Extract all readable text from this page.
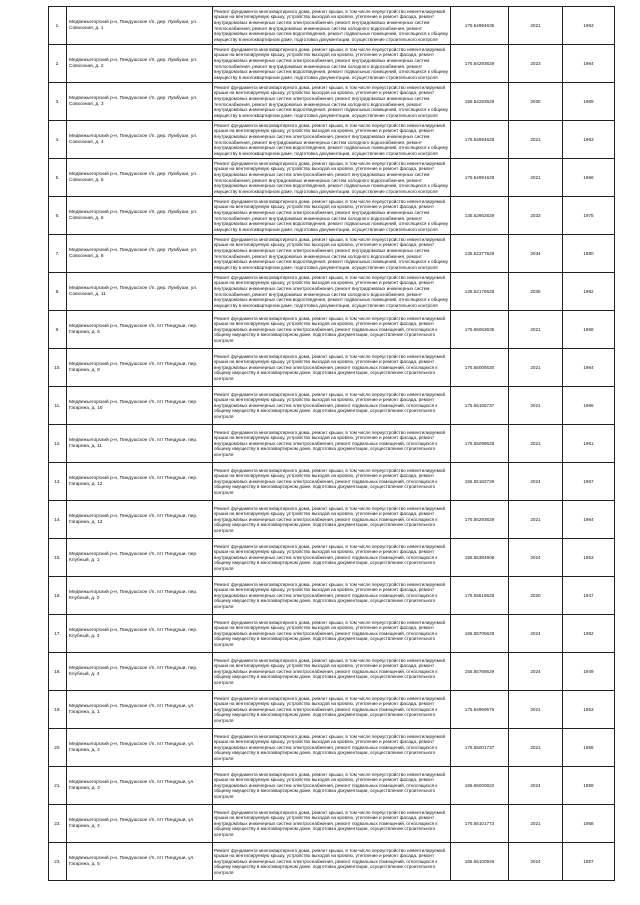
1.	Медвежьегорский р-н, Пиндушское г/п, дер. Лумбуши, ул. Совхозная, д. 1	Ремонт фундамента многоквартирного дома, ремонт крыши, в том числе переустройство невентилируемой крыши на вентилируемую крышу, устройство выходов на кровлю, утепление и ремонт фасада, ремонт внутридомовых инженерных систем электроснабжения, ремонт внутридомовых инженерных систем теплоснабжения, ремонт внутридомовых инженерных систем холодного водоснабжения, ремонт внутридомовых инженерных систем водоотведения, ремонт подвальных помещений, относящихся к общему имуществу в многоквартирном доме, подготовка документации, осуществление строительного контроля	175.54994635	2021	1963
2.	Медвежьегорский р-н, Пиндушское г/п, дер. Лумбуши, ул. Совхозная, д. 2	Ремонт фундамента многоквартирного дома, ремонт крыши, в том числе переустройство невентилируемой крыши на вентилируемую крышу, устройство выходов на кровлю, утепление и ремонт фасада, ремонт внутридомовых инженерных систем электроснабжения, ремонт внутридомовых инженерных систем теплоснабжения, ремонт внутридомовых инженерных систем холодного водоснабжения, ремонт внутридомовых инженерных систем водоотведения, ремонт подвальных помещений, относящихся к общему имуществу в многоквартирном доме, подготовка документации, осуществление строительного контроля	175.54293628	2023	1964
3.	Медвежьегорский р-н, Пиндушское г/п, дер. Лумбуши, ул. Совхозная, д. 3	Ремонт фундамента многоквартирного дома, ремонт крыши, в том числе переустройство невентилируемой крыши на вентилируемую крышу, устройство выходов на кровлю, утепление и ремонт фасада, ремонт внутридомовых инженерных систем электроснабжения, ремонт внутридомовых инженерных систем теплоснабжения, ремонт внутридомовых инженерных систем холодного водоснабжения, ремонт внутридомовых инженерных систем водоотведения, ремонт подвальных помещений, относящихся к общему имуществу в многоквартирном доме, подготовка документации, осуществление строительного контроля	155.54293628	2030	1969
4.	Медвежьегорский р-н, Пиндушское г/п, дер. Лумбуши, ул. Совхозная, д. 4	Ремонт фундамента многоквартирного дома, ремонт крыши, в том числе переустройство невентилируемой крыши на вентилируемую крышу, устройство выходов на кровлю, утепление и ремонт фасада, ремонт внутридомовых инженерных систем электроснабжения, ремонт внутридомовых инженерных систем теплоснабжения, ремонт внутридомовых инженерных систем холодного водоснабжения, ремонт внутридомовых инженерных систем водоотведения, ремонт подвальных помещений, относящихся к общему имуществу в многоквартирном доме, подготовка документации, осуществление строительного контроля	175.54994628	2021	1963
5.	Медвежьегорский р-н, Пиндушское г/п, дер. Лумбуши, ул. Совхозная, д. 5	Ремонт фундамента многоквартирного дома, ремонт крыши, в том числе переустройство невентилируемой крыши на вентилируемую крышу, устройство выходов на кровлю, утепление и ремонт фасада, ремонт внутридомовых инженерных систем электроснабжения, ремонт внутридомовых инженерных систем теплоснабжения, ремонт внутридомовых инженерных систем холодного водоснабжения, ремонт внутридомовых инженерных систем водоотведения, ремонт подвальных помещений, относящихся к общему имуществу в многоквартирном доме, подготовка документации, осуществление строительного контроля	175.54991628	2021	1966
6.	Медвежьегорский р-н, Пиндушское г/п, дер. Лумбуши, ул. Совхозная, д. 6	Ремонт фундамента многоквартирного дома, ремонт крыши, в том числе переустройство невентилируемой крыши на вентилируемую крышу, устройство выходов на кровлю, утепление и ремонт фасада, ремонт внутридомовых инженерных систем электроснабжения, ремонт внутридомовых инженерных систем теплоснабжения, ремонт внутридомовых инженерных систем холодного водоснабжения, ремонт внутридомовых инженерных систем водоотведения, ремонт подвальных помещений, относящихся к общему имуществу в многоквартирном доме, подготовка документации, осуществление строительного контроля	135.52662628	2033	1975
7.	Медвежьегорский р-н, Пиндушское г/п, дер. Лумбуши, ул. Совхозная, д. 8	Ремонт фундамента многоквартирного дома, ремонт крыши, в том числе переустройство невентилируемой крыши на вентилируемую крышу, устройство выходов на кровлю, утепление и ремонт фасада, ремонт внутридомовых инженерных систем электроснабжения, ремонт внутридомовых инженерных систем теплоснабжения, ремонт внутридомовых инженерных систем холодного водоснабжения, ремонт внутридомовых инженерных систем водоотведения, ремонт подвальных помещений, относящихся к общему имуществу в многоквартирном доме, подготовка документации, осуществление строительного контроля	135.52377628	2034	1980
8.	Медвежьегорский р-н, Пиндушское г/п, дер. Лумбуши, ул. Совхозная, д. 11	Ремонт фундамента многоквартирного дома, ремонт крыши, в том числе переустройство невентилируемой крыши на вентилируемую крышу, устройство выходов на кровлю, утепление и ремонт фасада, ремонт внутридомовых инженерных систем электроснабжения, ремонт внутридомовых инженерных систем теплоснабжения, ремонт внутридомовых инженерных систем холодного водоснабжения, ремонт внутридомовых инженерных систем водоотведения, ремонт подвальных помещений, относящихся к общему имуществу в многоквартирном доме, подготовка документации, осуществление строительного контроля	135.52175628	2035	1982
9.	Медвежьегорский р-н, Пиндушское г/п, пгт Пиндуши, пер. Гагарина, д. 6	Ремонт фундамента многоквартирного дома, ремонт крыши, в том числе переустройство невентилируемой крыши на вентилируемую крышу, устройство выходов на кровлю, утепление и ремонт фасада, ремонт внутридомовых инженерных систем электроснабжения, ремонт подвальных помещений, относящихся к общему имуществу в многоквартирном доме, подготовка документации, осуществление строительного контроля	175.55063635	2021	1968
10.	Медвежьегорский р-н, Пиндушское г/п, пгт Пиндуши, пер. Гагарина, д. 8	Ремонт фундамента многоквартирного дома, ремонт крыши, в том числе переустройство невентилируемой крыши на вентилируемую крышу, устройство выходов на кровлю, утепление и ремонт фасада, ремонт внутридомовых инженерных систем электроснабжения, ремонт подвальных помещений, относящихся к общему имуществу в многоквартирном доме, подготовка документации, осуществление строительного контроля	175.55005630	2021	1964
11.	Медвежьегорский р-н, Пиндушское г/п, пгт Пиндуши, пер. Гагарина, д. 10	Ремонт фундамента многоквартирного дома, ремонт крыши, в том числе переустройство невентилируемой крыши на вентилируемую крышу, устройство выходов на кровлю, утепление и ремонт фасада, ремонт внутридомовых инженерных систем электроснабжения, ремонт подвальных помещений, относящихся к общему имуществу в многоквартирном доме, подготовка документации, осуществление строительного контроля	175.55165737	2021	1966
12.	Медвежьегорский р-н, Пиндушское г/п, пгт Пиндуши, пер. Гагарина, д. 11	Ремонт фундамента многоквартирного дома, ремонт крыши, в том числе переустройство невентилируемой крыши на вентилируемую крышу, устройство выходов на кровлю, утепление и ремонт фасада, ремонт внутридомовых инженерных систем электроснабжения, ремонт подвальных помещений, относящихся к общему имуществу в многоквартирном доме, подготовка документации, осуществление строительного контроля	175.55098628	2021	1961
13.	Медвежьегорский р-н, Пиндушское г/п, пгт Пиндуши, пер. Гагарина, д. 12	Ремонт фундамента многоквартирного дома, ремонт крыши, в том числе переустройство невентилируемой крыши на вентилируемую крышу, устройство выходов на кровлю, утепление и ремонт фасада, ремонт внутридомовых инженерных систем электроснабжения, ремонт подвальных помещений, относящихся к общему имуществу в многоквартирном доме, подготовка документации, осуществление строительного контроля	155.55182726	2024	1967
14.	Медвежьегорский р-н, Пиндушское г/п, пгт Пиндуши, пер. Гагарина, д. 13	Ремонт фундамента многоквартирного дома, ремонт крыши, в том числе переустройство невентилируемой крыши на вентилируемую крышу, устройство выходов на кровлю, утепление и ремонт фасада, ремонт внутридомовых инженерных систем электроснабжения, ремонт подвальных помещений, относящихся к общему имуществу в многоквартирном доме, подготовка документации, осуществление строительного контроля	175.55293628	2021	1964
15.	Медвежьегорский р-н, Пиндушское г/п, пгт Пиндуши, пер. Клубный, д. 1	Ремонт фундамента многоквартирного дома, ремонт крыши, в том числе переустройство невентилируемой крыши на вентилируемую крышу, устройство выходов на кровлю, утепление и ремонт фасада, ремонт внутридомовых инженерных систем электроснабжения, ремонт подвальных помещений, относящихся к общему имуществу в многоквартирном доме, подготовка документации, осуществление строительного контроля	155.55384808	2024	1953
16.	Медвежьегорский р-н, Пиндушское г/п, пгт Пиндуши, пер. Клубный, д. 2	Ремонт фундамента многоквартирного дома, ремонт крыши, в том числе переустройство невентилируемой крыши на вентилируемую крышу, устройство выходов на кровлю, утепление и ремонт фасада, ремонт внутридомовых инженерных систем электроснабжения, ремонт подвальных помещений, относящихся к общему имуществу в многоквартирном доме, подготовка документации, осуществление строительного контроля	175.55518628	2020	1947
17.	Медвежьегорский р-н, Пиндушское г/п, пгт Пиндуши, пер. Клубный, д. 3	Ремонт фундамента многоквартирного дома, ремонт крыши, в том числе переустройство невентилируемой крыши на вентилируемую крышу, устройство выходов на кровлю, утепление и ремонт фасада, ремонт внутридомовых инженерных систем электроснабжения, ремонт подвальных помещений, относящихся к общему имуществу в многоквартирном доме, подготовка документации, осуществление строительного контроля	165.55705628	2024	1952
18.	Медвежьегорский р-н, Пиндушское г/п, пгт Пиндуши, пер. Клубный, д. 4	Ремонт фундамента многоквартирного дома, ремонт крыши, в том числе переустройство невентилируемой крыши на вентилируемую крышу, устройство выходов на кровлю, утепление и ремонт фасада, ремонт внутридомовых инженерных систем электроснабжения, ремонт подвальных помещений, относящихся к общему имуществу в многоквартирном доме, подготовка документации, осуществление строительного контроля	155.55768629	2024	1949
19.	Медвежьегорский р-н, Пиндушское г/п, пгт Пиндуши, ул. Гагарина, д. 1	Ремонт фундамента многоквартирного дома, ремонт крыши, в том числе переустройство невентилируемой крыши на вентилируемую крышу, устройство выходов на кровлю, утепление и ремонт фасада, ремонт внутридомовых инженерных систем электроснабжения, ремонт подвальных помещений, относящихся к общему имуществу в многоквартирном доме, подготовка документации, осуществление строительного контроля	175.54969576	2021	1953
20.	Медвежьегорский р-н, Пиндушское г/п, пгт Пиндуши, ул. Гагарина, д. 2	Ремонт фундамента многоквартирного дома, ремонт крыши, в том числе переустройство невентилируемой крыши на вентилируемую крышу, устройство выходов на кровлю, утепление и ремонт фасада, ремонт внутридомовых инженерных систем электроснабжения, ремонт подвальных помещений, относящихся к общему имуществу в многоквартирном доме, подготовка документации, осуществление строительного контроля	175.55001737	2021	1958
21.	Медвежьегорский р-н, Пиндушское г/п, пгт Пиндуши, ул. Гагарина, д. 3	Ремонт фундамента многоквартирного дома, ремонт крыши, в том числе переустройство невентилируемой крыши на вентилируемую крышу, устройство выходов на кровлю, утепление и ремонт фасада, ремонт внутридомовых инженерных систем электроснабжения, ремонт подвальных помещений, относящихся к общему имуществу в многоквартирном доме, подготовка документации, осуществление строительного контроля	165.55000822	2024	1959
22.	Медвежьегорский р-н, Пиндушское г/п, пгт Пиндуши, ул. Гагарина, д. 4	Ремонт фундамента многоквартирного дома, ремонт крыши, в том числе переустройство невентилируемой крыши на вентилируемую крышу, устройство выходов на кровлю, утепление и ремонт фасада, ремонт внутридомовых инженерных систем электроснабжения, ремонт подвальных помещений, относящихся к общему имуществу в многоквартирном доме, подготовка документации, осуществление строительного контроля	175.55101773	2021	1958
23.	Медвежьегорский р-н, Пиндушское г/п, пгт Пиндуши, ул. Гагарина, д. 5	Ремонт фундамента многоквартирного дома, ремонт крыши, в том числе переустройство невентилируемой крыши на вентилируемую крышу, устройство выходов на кровлю, утепление и ремонт фасада, ремонт внутридомовых инженерных систем электроснабжения, ремонт подвальных помещений, относящихся к общему имуществу в многоквартирном доме, подготовка документации, осуществление строительного контроля	165.55100926	2024	1957
